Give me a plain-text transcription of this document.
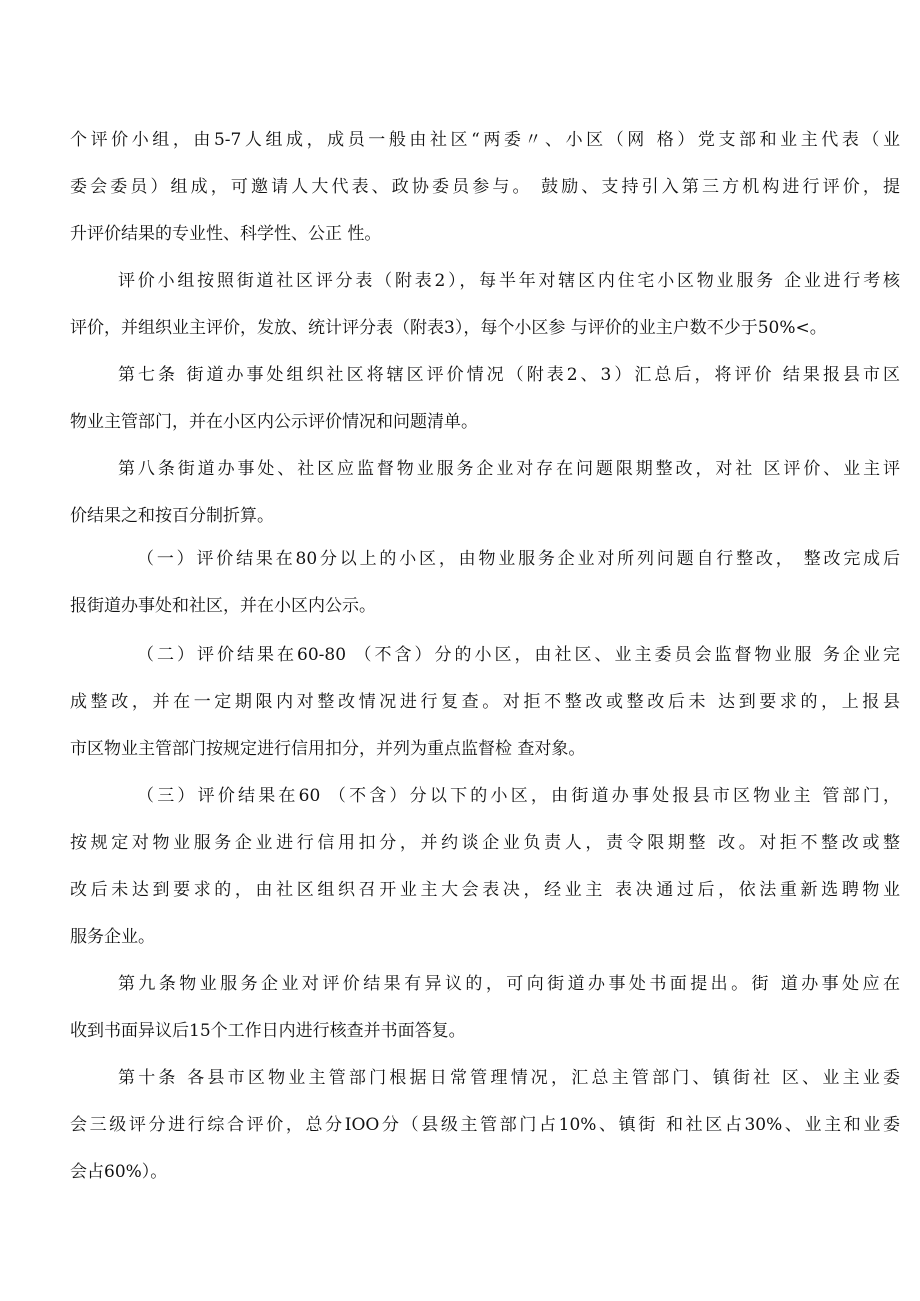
个评价小组，由5-7人组成，成员一般由社区“两委〃、小区（网 格）党支部和业主代表（业
委会委员）组成，可邀请人大代表、政协委员参与。 鼓励、支持引入第三方机构进行评价，提
升评价结果的专业性、科学性、公正 性。
评价小组按照街道社区评分表（附表2），每半年对辖区内住宅小区物业服务 企业进行考核
评价，并组织业主评价，发放、统计评分表（附表3），每个小区参 与评价的业主户数不少于50%<。
第七条 街道办事处组织社区将辖区评价情况（附表2、3）汇总后，将评价 结果报县市区
物业主管部门，并在小区内公示评价情况和问题清单。
第八条街道办事处、社区应监督物业服务企业对存在问题限期整改，对社 区评价、业主评
价结果之和按百分制折算。
（一）评价结果在80分以上的小区，由物业服务企业对所列问题自行整改， 整改完成后
报街道办事处和社区，并在小区内公示。
（二）评价结果在60-80 （不含）分的小区，由社区、业主委员会监督物业服 务企业完
成整改，并在一定期限内对整改情况进行复查。对拒不整改或整改后未 达到要求的，上报县
市区物业主管部门按规定进行信用扣分，并列为重点监督检 查对象。
（三）评价结果在60 （不含）分以下的小区，由街道办事处报县市区物业主 管部门，
按规定对物业服务企业进行信用扣分，并约谈企业负责人，责令限期整 改。对拒不整改或整
改后未达到要求的，由社区组织召开业主大会表决，经业主 表决通过后，依法重新选聘物业
服务企业。
第九条物业服务企业对评价结果有异议的，可向街道办事处书面提出。街 道办事处应在
收到书面异议后15个工作日内进行核查并书面答复。
第十条 各县市区物业主管部门根据日常管理情况，汇总主管部门、镇街社 区、业主业委
会三级评分进行综合评价，总分IOO分（县级主管部门占10%、镇街 和社区占30%、业主和业委
会占60%）。
